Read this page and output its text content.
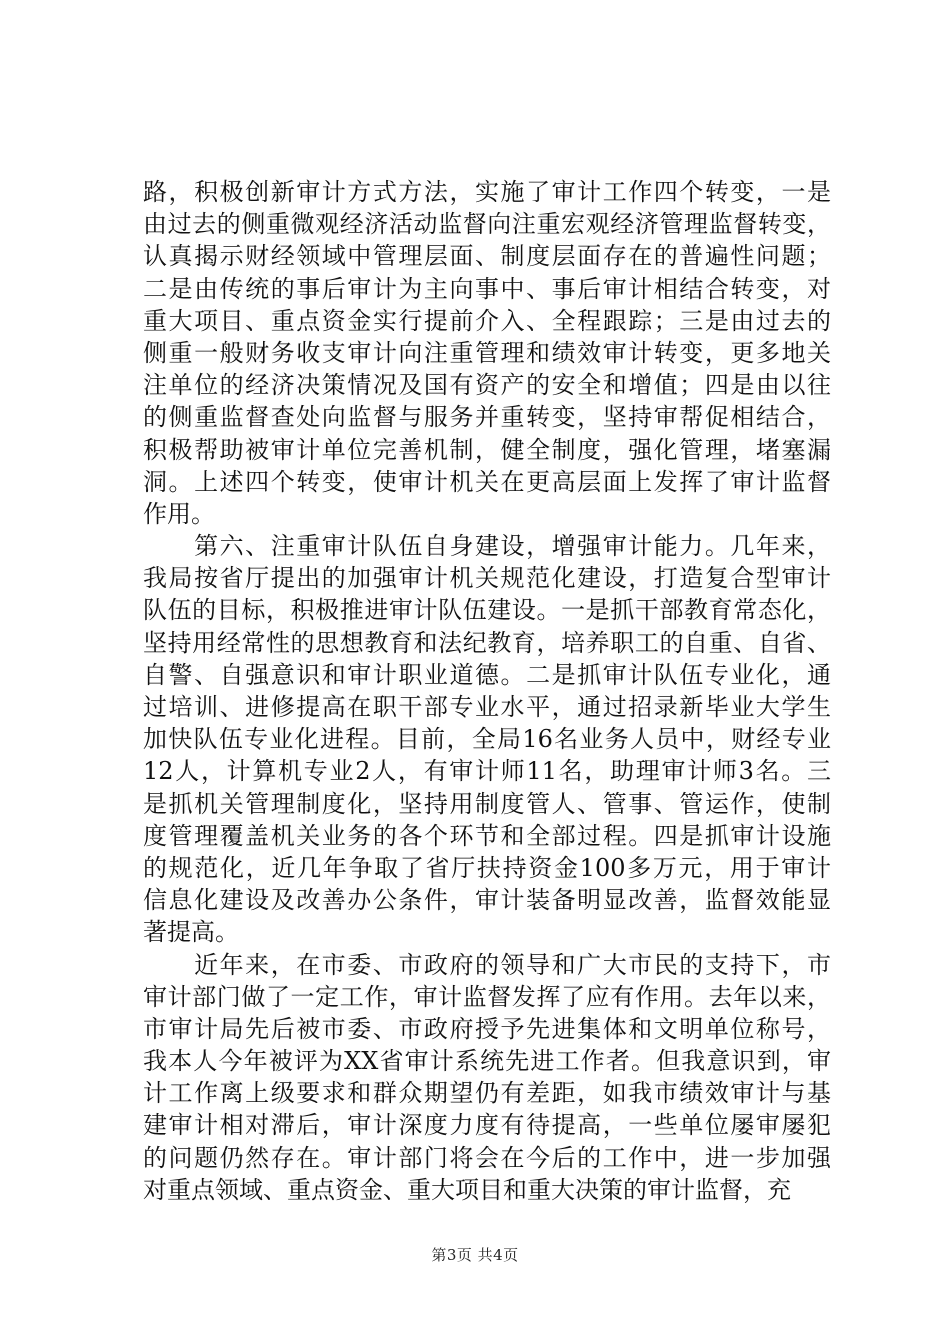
路，积极创新审计方式方法，实施了审计工作四个转变，一是
由过去的侧重微观经济活动监督向注重宏观经济管理监督转变，
认真揭示财经领域中管理层面、制度层面存在的普遍性问题；
二是由传统的事后审计为主向事中、事后审计相结合转变，对
重大项目、重点资金实行提前介入、全程跟踪；三是由过去的
侧重一般财务收支审计向注重管理和绩效审计转变，更多地关
注单位的经济决策情况及国有资产的安全和增值；四是由以往
的侧重监督查处向监督与服务并重转变，坚持审帮促相结合，
积极帮助被审计单位完善机制，健全制度，强化管理，堵塞漏
洞。上述四个转变，使审计机关在更高层面上发挥了审计监督
作用。
　　第六、注重审计队伍自身建设，增强审计能力。几年来，
我局按省厅提出的加强审计机关规范化建设，打造复合型审计
队伍的目标，积极推进审计队伍建设。一是抓干部教育常态化，
坚持用经常性的思想教育和法纪教育，培养职工的自重、自省、
自警、自强意识和审计职业道德。二是抓审计队伍专业化，通
过培训、进修提高在职干部专业水平，通过招录新毕业大学生
加快队伍专业化进程。目前，全局16名业务人员中，财经专业
12人，计算机专业2人，有审计师11名，助理审计师3名。三
是抓机关管理制度化，坚持用制度管人、管事、管运作，使制
度管理覆盖机关业务的各个环节和全部过程。四是抓审计设施
的规范化，近几年争取了省厅扶持资金100多万元，用于审计
信息化建设及改善办公条件，审计装备明显改善，监督效能显
著提高。
　　近年来，在市委、市政府的领导和广大市民的支持下，市
审计部门做了一定工作，审计监督发挥了应有作用。去年以来，
市审计局先后被市委、市政府授予先进集体和文明单位称号，
我本人今年被评为XX省审计系统先进工作者。但我意识到，审
计工作离上级要求和群众期望仍有差距，如我市绩效审计与基
建审计相对滞后，审计深度力度有待提高，一些单位屡审屡犯
的问题仍然存在。审计部门将会在今后的工作中，进一步加强
对重点领域、重点资金、重大项目和重大决策的审计监督，充
第3页 共4页
